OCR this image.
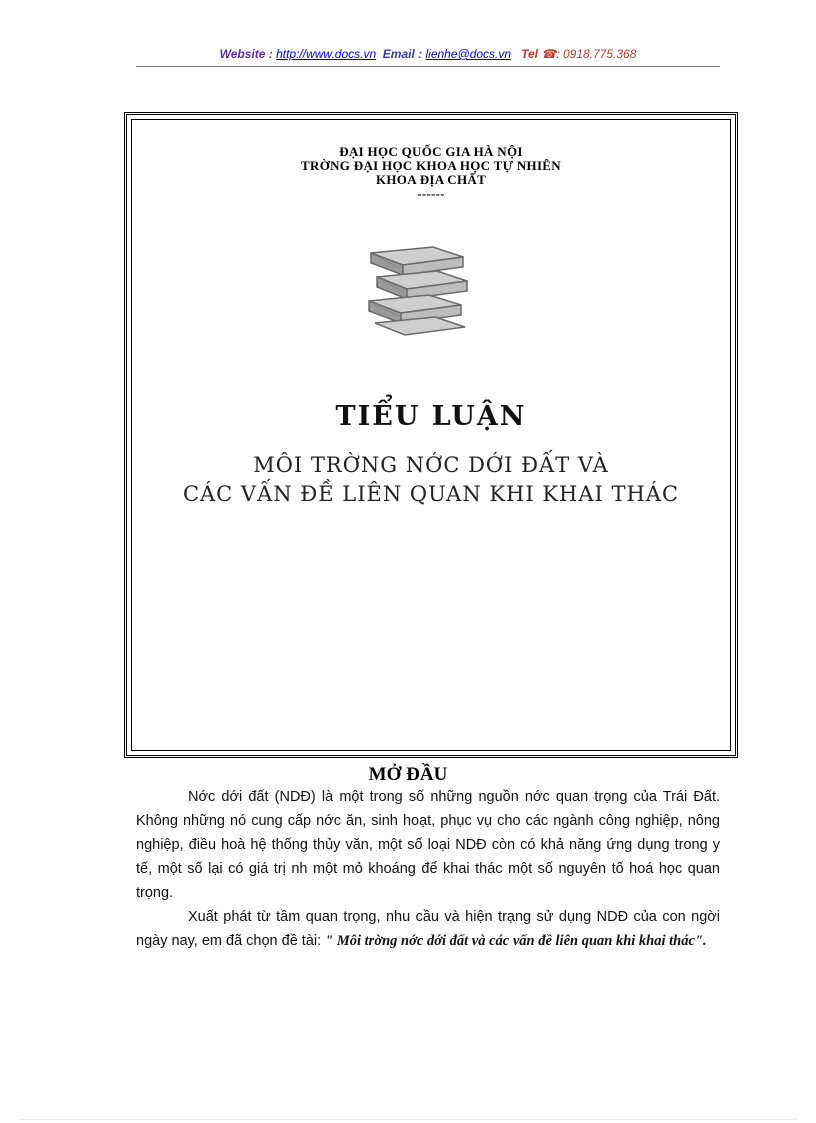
Website : http://www.docs.vn Email : lienhe@docs.vn Tel ☎: 0918.775.368
ĐẠI HỌC QUỐC GIA HÀ NỘI
TRỜNG ĐẠI HỌC KHOA HỌC TỰ NHIÊN
KHOA ĐỊA CHẤT
------
TIỂU LUẬN
MÔI TRỜNG NỚC DỚI ĐẤT VÀ
CÁC VẤN ĐỀ LIÊN QUAN KHI KHAI THÁC
MỞ ĐẦU
Nớc dới đất (NDĐ) là một trong số những nguồn nớc quan trọng của Trái Đất. Không những nó cung cấp nớc ăn, sinh hoạt, phục vụ cho các ngành công nghiệp, nông nghiệp, điều hoà hệ thống thủy văn, một số loại NDĐ còn có khả năng ứng dụng trong y tế, một số lại có giá trị nh một mỏ khoáng để khai thác một số nguyên tố hoá học quan trọng.
Xuất phát từ tầm quan trọng, nhu cầu và hiện trạng sử dụng NDĐ của con ngời ngày nay, em đã chọn đề tài: " Môi trờng nớc dới đất và các vấn đề liên quan khi khai thác".
